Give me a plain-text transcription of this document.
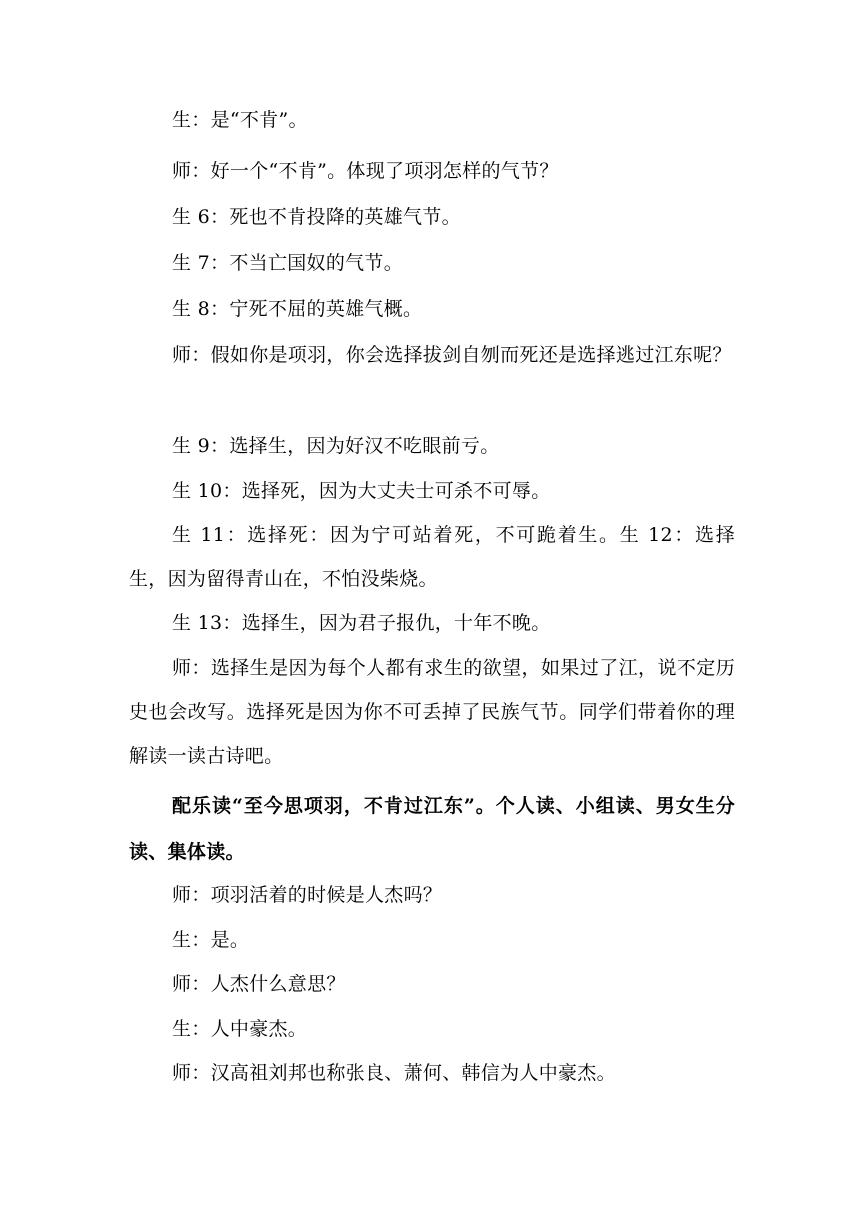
生：是“不肯”。

师：好一个“不肯”。体现了项羽怎样的气节？

生 6：死也不肯投降的英雄气节。

生 7：不当亡国奴的气节。

生 8：宁死不屈的英雄气概。

师：假如你是项羽，你会选择拔剑自刎而死还是选择逃过江东呢？

生 9：选择生，因为好汉不吃眼前亏。

生 10：选择死，因为大丈夫士可杀不可辱。

生 11：选择死：因为宁可站着死，不可跪着生。生 12：选择生，因为留得青山在，不怕没柴烧。

生 13：选择生，因为君子报仇，十年不晚。

师：选择生是因为每个人都有求生的欲望，如果过了江，说不定历史也会改写。选择死是因为你不可丢掉了民族气节。同学们带着你的理解读一读古诗吧。

配乐读“至今思项羽，不肯过江东”。个人读、小组读、男女生分读、集体读。

师：项羽活着的时候是人杰吗？

生：是。

师：人杰什么意思？

生：人中豪杰。

师：汉高祖刘邦也称张良、萧何、韩信为人中豪杰。
